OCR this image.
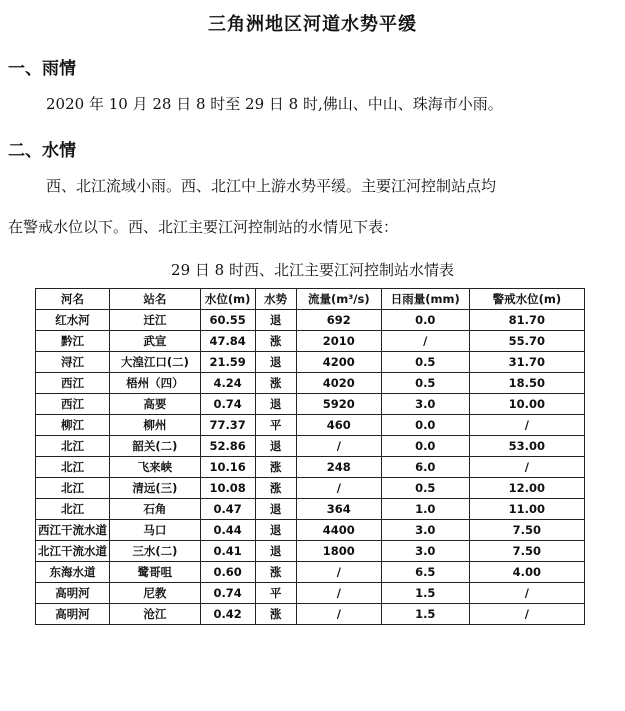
三角洲地区河道水势平缓
一、雨情
2020 年 10 月 28 日 8 时至 29 日 8 时,佛山、中山、珠海市小雨。
二、水情
西、北江流域小雨。西、北江中上游水势平缓。主要江河控制站点均
在警戒水位以下。西、北江主要江河控制站的水情见下表：
29 日 8 时西、北江主要江河控制站水情表
河名	站名	水位(m)	水势	流量(m³/s)	日雨量(mm)	警戒水位(m)
红水河	迁江	60.55	退	692	0.0	81.70
黔江	武宣	47.84	涨	2010	/	55.70
浔江	大湟江口(二)	21.59	退	4200	0.5	31.70
西江	梧州（四）	4.24	涨	4020	0.5	18.50
西江	高要	0.74	退	5920	3.0	10.00
柳江	柳州	77.37	平	460	0.0	/
北江	韶关(二)	52.86	退	/	0.0	53.00
北江	飞来峡	10.16	涨	248	6.0	/
北江	清远(三)	10.08	涨	/	0.5	12.00
北江	石角	0.47	退	364	1.0	11.00
西江干流水道	马口	0.44	退	4400	3.0	7.50
北江干流水道	三水(二)	0.41	退	1800	3.0	7.50
东海水道	鹭哥咀	0.60	涨	/	6.5	4.00
高明河	尼教	0.74	平	/	1.5	/
高明河	沧江	0.42	涨	/	1.5	/
